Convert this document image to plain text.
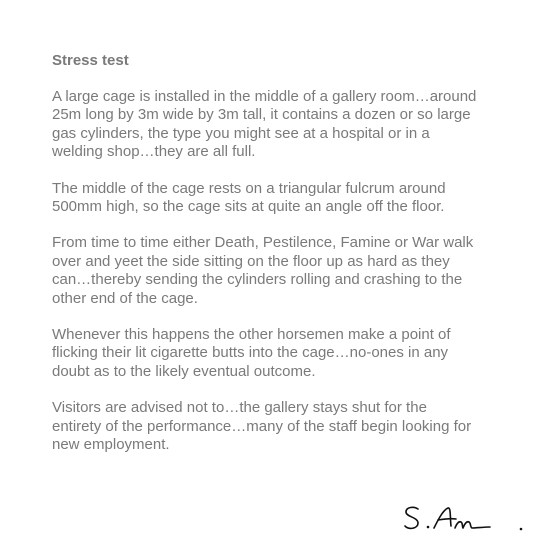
Stress test

A large cage is installed in the middle of a gallery room…around
25m long by 3m wide by 3m tall, it contains a dozen or so large
gas cylinders, the type you might see at a hospital or in a
welding shop…they are all full.

The middle of the cage rests on a triangular fulcrum around
500mm high, so the cage sits at quite an angle off the floor.

From time to time either Death, Pestilence, Famine or War walk
over and yeet the side sitting on the floor up as hard as they
can…thereby sending the cylinders rolling and crashing to the
other end of the cage.

Whenever this happens the other horsemen make a point of
flicking their lit cigarette butts into the cage…no-ones in any
doubt as to the likely eventual outcome.

Visitors are advised not to…the gallery stays shut for the
entirety of the performance…many of the staff begin looking for
new employment.
